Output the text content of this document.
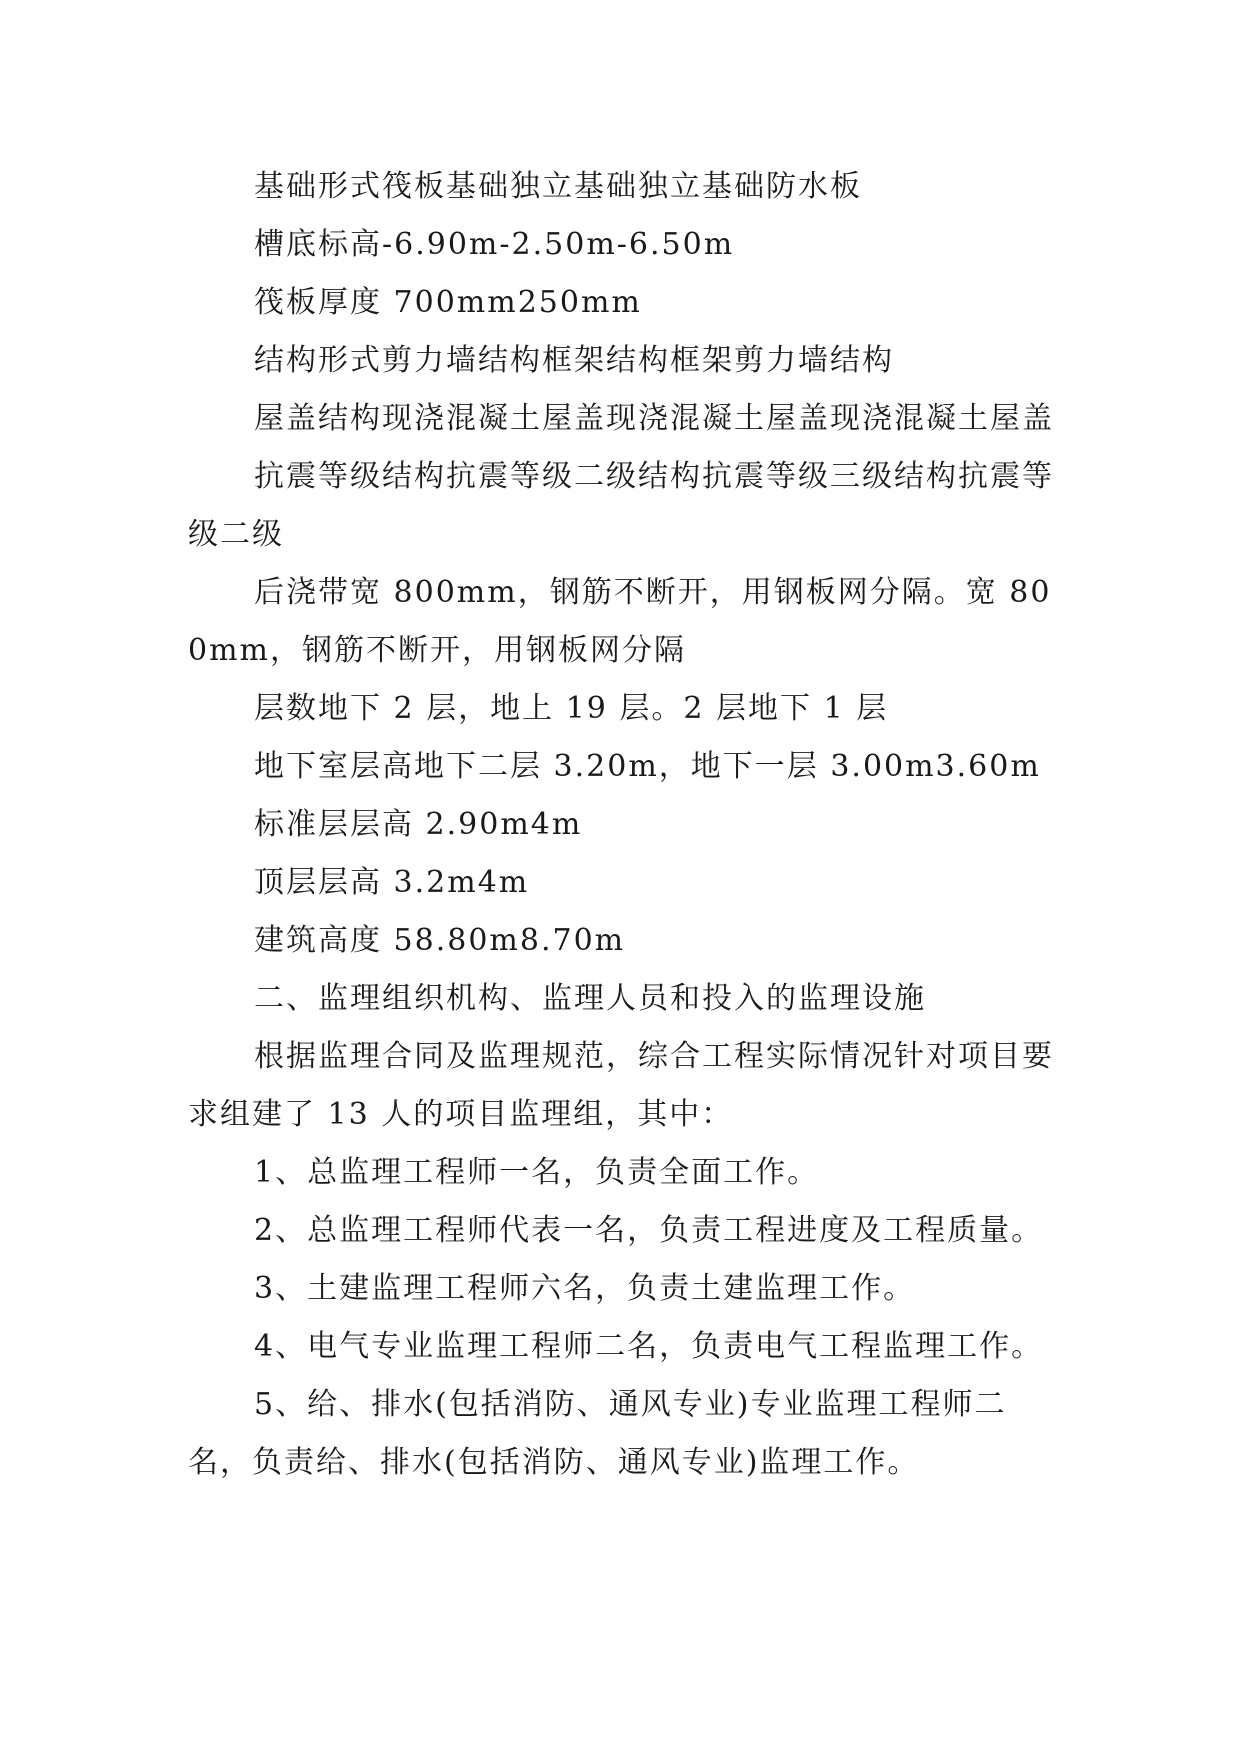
基础形式筏板基础独立基础独立基础防水板

槽底标高-6.90m-2.50m-6.50m

筏板厚度 700mm250mm

结构形式剪力墙结构框架结构框架剪力墙结构

屋盖结构现浇混凝土屋盖现浇混凝土屋盖现浇混凝土屋盖

抗震等级结构抗震等级二级结构抗震等级三级结构抗震等级二级

后浇带宽 800mm，钢筋不断开，用钢板网分隔。宽 800mm，钢筋不断开，用钢板网分隔

层数地下 2 层，地上 19 层。2 层地下 1 层

地下室层高地下二层 3.20m，地下一层 3.00m3.60m

标准层层高 2.90m4m

顶层层高 3.2m4m

建筑高度 58.80m8.70m

二、监理组织机构、监理人员和投入的监理设施

根据监理合同及监理规范，综合工程实际情况针对项目要求组建了 13 人的项目监理组，其中：

1、总监理工程师一名，负责全面工作。

2、总监理工程师代表一名，负责工程进度及工程质量。

3、土建监理工程师六名，负责土建监理工作。

4、电气专业监理工程师二名，负责电气工程监理工作。

5、给、排水(包括消防、通风专业)专业监理工程师二名，负责给、排水(包括消防、通风专业)监理工作。
